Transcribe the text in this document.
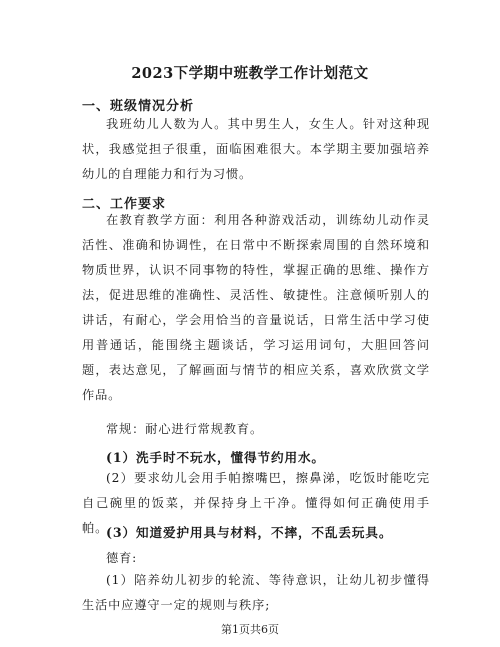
2023下学期中班教学工作计划范文
一、班级情况分析
我班幼儿人数为人。其中男生人，女生人。针对这种现状，我感觉担子很重，面临困难很大。本学期主要加强培养幼儿的自理能力和行为习惯。
二、工作要求
在教育教学方面：利用各种游戏活动，训练幼儿动作灵活性、准确和协调性，在日常中不断探索周围的自然环境和物质世界，认识不同事物的特性，掌握正确的思维、操作方法，促进思维的准确性、灵活性、敏捷性。注意倾听别人的讲话，有耐心，学会用恰当的音量说话，日常生活中学习使用普通话，能围绕主题谈话，学习运用词句，大胆回答问题，表达意见，了解画面与情节的相应关系，喜欢欣赏文学作品。
常规：耐心进行常规教育。
(1）洗手时不玩水，懂得节约用水。
(2）要求幼儿会用手帕擦嘴巴，擦鼻涕，吃饭时能吃完自己碗里的饭菜，并保持身上干净。懂得如何正确使用手帕。
(3）知道爱护用具与材料，不摔，不乱丢玩具。
德育:
(1）陪养幼儿初步的轮流、等待意识，让幼儿初步懂得生活中应遵守一定的规则与秩序;
第1页共6页
